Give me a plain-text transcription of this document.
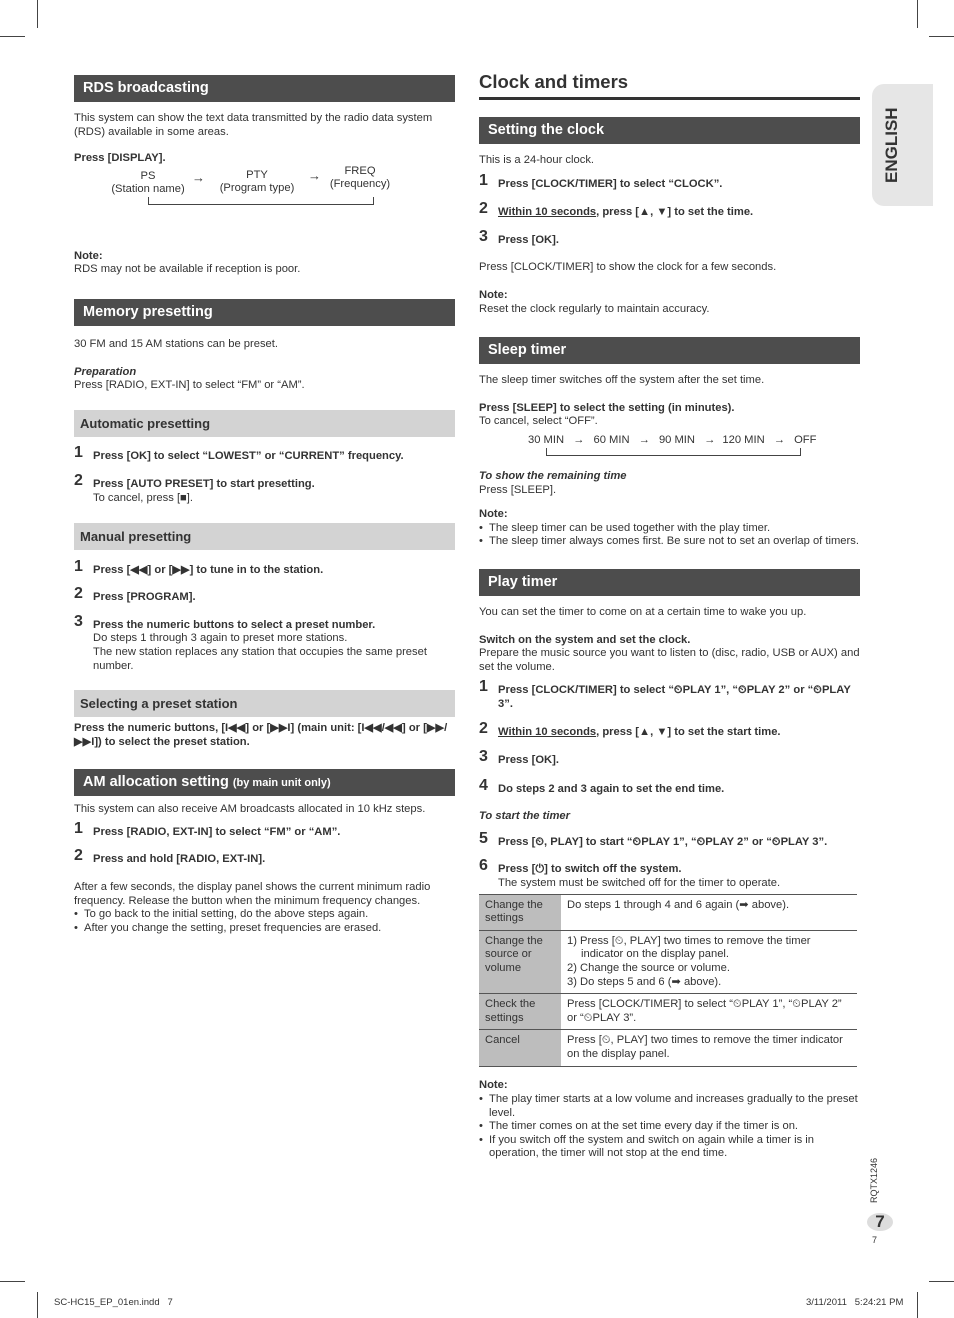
RDS broadcasting

This system can show the text data transmitted by the radio data system (RDS) available in some areas.

Press [DISPLAY].

PS
(Station name)
→	PTY
(Program type)
→	FREQ
(Frequency)

Note:

RDS may not be available if reception is poor.

Memory presetting

30 FM and 15 AM stations can be preset.

Preparation

Press [RADIO, EXT-IN] to select “FM” or “AM”.

Automatic presetting
1 Press [OK] to select “LOWEST” or “CURRENT” frequency.
2 Press [AUTO PRESET] to start presetting.
To cancel, press [■].
Manual presetting
1 Press [◀◀] or [▶▶] to tune in to the station.
2 Press [PROGRAM].
3 Press the numeric buttons to select a preset number.
Do steps 1 through 3 again to preset more stations.
The new station replaces any station that occupies the same preset number.
Selecting a preset station

Press the numeric buttons, [I◀◀] or [▶▶I] (main unit: [I◀◀/◀◀] or [▶▶/▶▶I]) to select the preset station.

AM allocation setting (by main unit only)

This system can also receive AM broadcasts allocated in 10 kHz steps.

1 Press [RADIO, EXT-IN] to select “FM” or “AM”.
2 Press and hold [RADIO, EXT-IN].

After a few seconds, the display panel shows the current minimum radio frequency. Release the button when the minimum frequency changes.

• To go back to the initial setting, do the above steps again.
• After you change the setting, preset frequencies are erased.
Clock and timers
Setting the clock

This is a 24-hour clock.

1 Press [CLOCK/TIMER] to select “CLOCK”.
2 Within 10 seconds, press [▲, ▼] to set the time.
3 Press [OK].

Press [CLOCK/TIMER] to show the clock for a few seconds.

Note:

Reset the clock regularly to maintain accuracy.

Sleep timer

The sleep timer switches off the system after the set time.

Press [SLEEP] to select the setting (in minutes).

To cancel, select “OFF”.

30 MIN → 60 MIN → 90 MIN → 120 MIN → OFF

To show the remaining time

Press [SLEEP].

Note:

• The sleep timer can be used together with the play timer.
• The sleep timer always comes first. Be sure not to set an overlap of timers.
Play timer

You can set the timer to come on at a certain time to wake you up.

Switch on the system and set the clock.

Prepare the music source you want to listen to (disc, radio, USB or AUX) and set the volume.

1 Press [CLOCK/TIMER] to select “⏲PLAY 1”, “⏲PLAY 2” or “⏲PLAY 3”.
2 Within 10 seconds, press [▲, ▼] to set the start time.
3 Press [OK].
4 Do steps 2 and 3 again to set the end time.

To start the timer

5 Press [⏲, PLAY] to start “⏲PLAY 1”, “⏲PLAY 2” or “⏲PLAY 3”.
6 Press [⏻] to switch off the system.
The system must be switched off for the timer to operate.
Change the settings	Do steps 1 through 4 and 6 again (➡ above).

Change the source or volume	1) Press [⏲, PLAY] two times to remove the timer indicator on the display panel.
2) Change the source or volume.
3) Do steps 5 and 6 (➡ above).

Check the settings	Press [CLOCK/TIMER] to select “⏲PLAY 1”, “⏲PLAY 2” or “⏲PLAY 3”.
Cancel	Press [⏲, PLAY] two times to remove the timer indicator on the display panel.

Note:

• The play timer starts at a low volume and increases gradually to the preset level.
• The timer comes on at the set time every day if the timer is on.
• If you switch off the system and switch on again while a timer is in operation, the timer will not stop at the end time.
ENGLISH
RQTX1246
7
7
SC-HC15_EP_01en.indd   7	3/11/2011   5:24:21 PM
